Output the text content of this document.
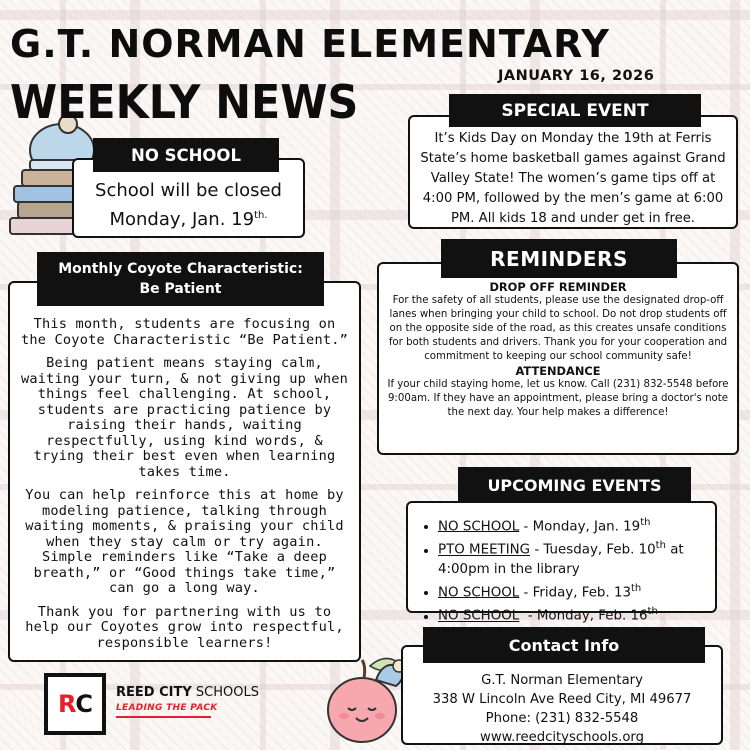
G.T. NORMAN ELEMENTARY
WEEKLY NEWS	JANUARY 16, 2026
It’s Kids Day on Monday the 19th at Ferris State’s home basketball games against Grand Valley State! The women’s game tips off at 4:00 PM, followed by the men’s game at 6:00 PM. All kids 18 and under get in free.
SPECIAL EVENT
School will be closed
Monday, Jan. $19^{th.}$
NO SCHOOL

This month, students are focusing on the Coyote Characteristic “Be Patient.”

Being patient means staying calm, waiting your turn, & not giving up when things feel challenging. At school, students are practicing patience by raising their hands, waiting respectfully, using kind words, & trying their best even when learning takes time.

You can help reinforce this at home by modeling patience, talking through waiting moments, & praising your child when they stay calm or try again. Simple reminders like “Take a deep breath,” or “Good things take time,” can go a long way.

Thank you for partnering with us to help our Coyotes grow into respectful, responsible learners!

Monthly Coyote Characteristic:
Be Patient	DROP OFF REMINDER
For the safety of all students, please use the designated drop-off lanes when bringing your child to school. Do not drop students off on the opposite side of the road, as this creates unsafe conditions for both students and drivers. Thank you for your cooperation and commitment to keeping our school community safe!
ATTENDANCE
If your child staying home, let us know. Call (231) 832-5548 before 9:00am. If they have an appointment, please bring a doctor's note the next day. Your help makes a difference!
REMINDERS
• NO SCHOOL - Monday, Jan. 19th
• PTO MEETING - Tuesday, Feb. 10th at 4:00pm in the library
• NO SCHOOL - Friday, Feb. 13th
• NO SCHOOL  - Monday, Feb. 16th
UPCOMING EVENTS
G.T. Norman Elementary
338 W Lincoln Ave Reed City, MI 49677
Phone: (231) 832-5548
www.reedcityschools.org
Contact Info
RC REED CITY SCHOOLS
LEADING THE PACK
